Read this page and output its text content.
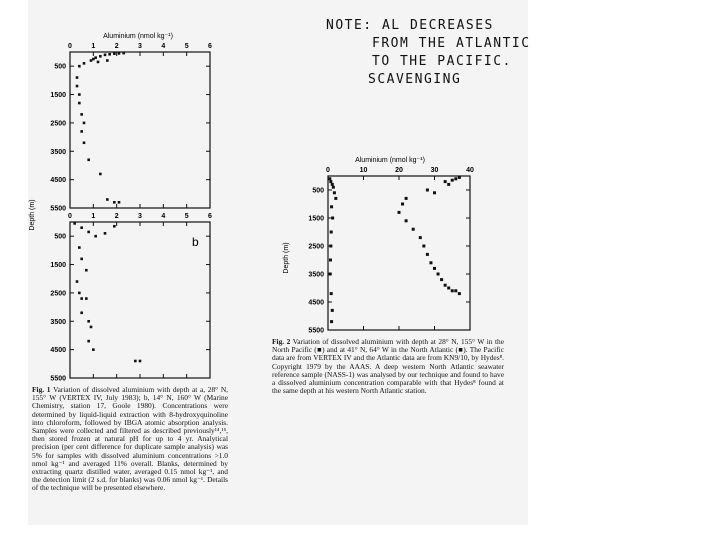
NOTE: AL DECREASES
FROM THE ATLANTIC
TO THE PACIFIC.
SCAVENGING
Aluminium (nmol kg⁻¹)
Depth (m)
b
0	1	2	3	4	5	6
500
1500
2500
3500
4500
5500
0	1	2	3	4	5	6
500
1500
2500
3500
4500
5500
Aluminium (nmol kg⁻¹)
Depth (m)
0	10	20	30	40
500
1500
2500
3500
4500
5500
Fig. 1 Variation of dissolved aluminium with depth at a, 28° N, 155° W (VERTEX IV, July 1983); b, 14° N, 160° W (Marine Chemistry, station 17, Goole 1980). Concentrations were determined by liquid-liquid extraction with 8-hydroxyquinoline into chloroform, followed by IBGA atomic absorption analysis. Samples were collected and filtered as described previously¹⁴,¹⁵, then stored frozen at natural pH for up to 4 yr. Analytical precision (per cent difference for duplicate sample analysis) was 5% for samples with dissolved aluminium concentrations >1.0 nmol kg⁻¹ and averaged 11% overall. Blanks, determined by extracting quartz distilled water, averaged 0.15 nmol kg⁻¹, and the detection limit (2 s.d. for blanks) was 0.06 nmol kg⁻¹. Details of the technique will be presented elsewhere.
Fig. 2 Variation of dissolved aluminium with depth at 28° N, 155° W in the North Pacific (■) and at 41° N, 64° W in the North Atlantic (■). The Pacific data are from VERTEX IV and the Atlantic data are from KN9/10, by Hydes⁸. Copyright 1979 by the AAAS. A deep western North Atlantic seawater reference sample (NASS-1) was analysed by our technique and found to have a dissolved aluminium concentration comparable with that Hydes⁸ found at the same depth at his western North Atlantic station.
